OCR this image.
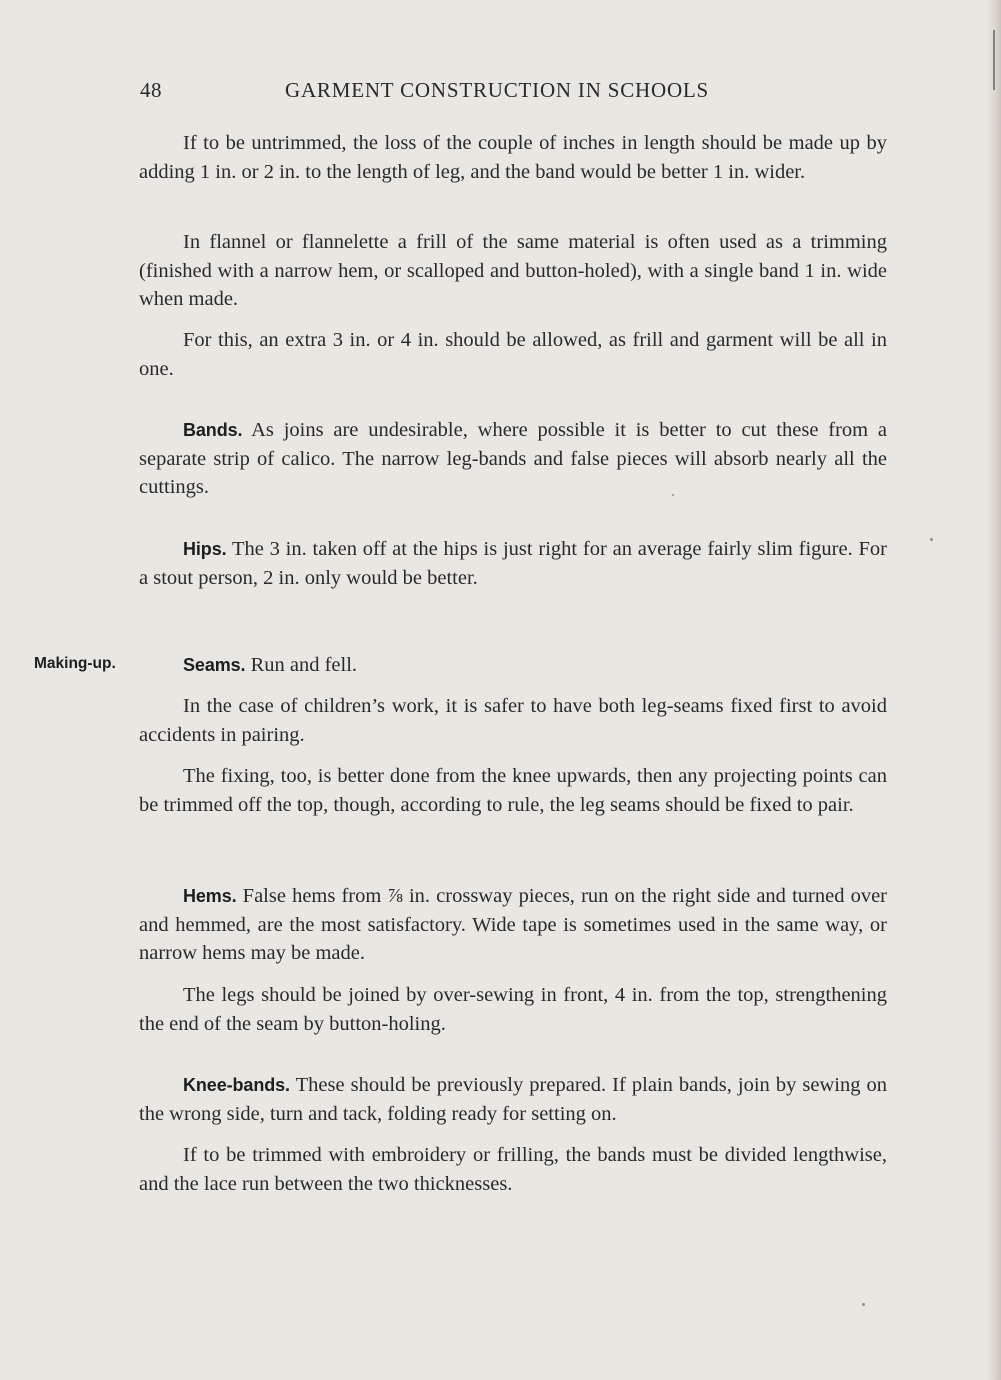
48	GARMENT CONSTRUCTION IN SCHOOLS
Making-up.

If to be untrimmed, the loss of the couple of inches in length should be made up by adding 1 in. or 2 in. to the length of leg, and the band would be better 1 in. wider.

In flannel or flannelette a frill of the same material is often used as a trimming (finished with a narrow hem, or scalloped and button-holed), with a single band 1 in. wide when made.

For this, an extra 3 in. or 4 in. should be allowed, as frill and garment will be all in one.

Bands. As joins are undesirable, where possible it is better to cut these from a separate strip of calico. The narrow leg-bands and false pieces will absorb nearly all the cuttings.

Hips. The 3 in. taken off at the hips is just right for an average fairly slim figure. For a stout person, 2 in. only would be better.

Seams. Run and fell.

In the case of children’s work, it is safer to have both leg-seams fixed first to avoid accidents in pairing.

The fixing, too, is better done from the knee upwards, then any projecting points can be trimmed off the top, though, according to rule, the leg seams should be fixed to pair.

Hems. False hems from ⅞ in. crossway pieces, run on the right side and turned over and hemmed, are the most satisfactory. Wide tape is sometimes used in the same way, or narrow hems may be made.

The legs should be joined by over-sewing in front, 4 in. from the top, strengthening the end of the seam by button-holing.

Knee-bands. These should be previously prepared. If plain bands, join by sewing on the wrong side, turn and tack, folding ready for setting on.

If to be trimmed with embroidery or frilling, the bands must be divided lengthwise, and the lace run between the two thicknesses.
